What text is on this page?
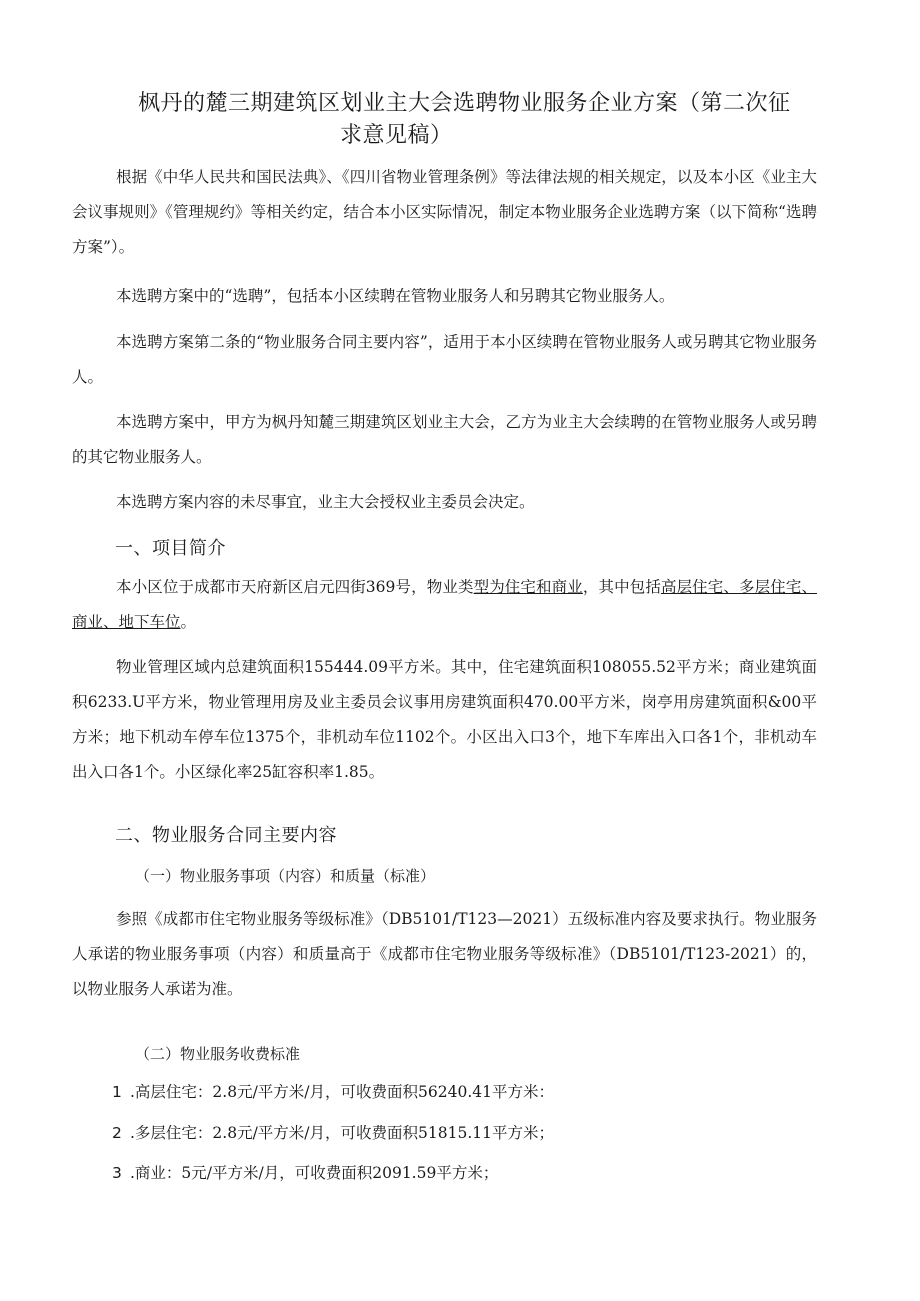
枫丹的麓三期建筑区划业主大会选聘物业服务企业方案（第二次征
求意见稿）
根据《中华人民共和国民法典》、《四川省物业管理条例》等法律法规的相关规定，以及本小区《业主大会议事规则》《管理规约》等相关约定，结合本小区实际情况，制定本物业服务企业选聘方案（以下简称“选聘方案”）。
本选聘方案中的“选聘”，包括本小区续聘在管物业服务人和另聘其它物业服务人。
本选聘方案第二条的“物业服务合同主要内容”，适用于本小区续聘在管物业服务人或另聘其它物业服务人。
本选聘方案中，甲方为枫丹知麓三期建筑区划业主大会，乙方为业主大会续聘的在管物业服务人或另聘的其它物业服务人。
本选聘方案内容的未尽事宜，业主大会授权业主委员会决定。
一、项目简介
本小区位于成都市天府新区启元四街369号，物业类型为住宅和商业，其中包括高层住宅、多层住宅、商业、地下车位。
物业管理区域内总建筑面积155444.09平方米。其中，住宅建筑面积108055.52平方米；商业建筑面积6233.U平方米，物业管理用房及业主委员会议事用房建筑面积470.00平方米，岗亭用房建筑面积&00平方米；地下机动车停车位1375个，非机动车位1102个。小区出入口3个，地下车库出入口各1个，非机动车出入口各1个。小区绿化率25缸容积率1.85。
二、物业服务合同主要内容
（一）物业服务事项（内容）和质量（标准）
参照《成都市住宅物业服务等级标准》（DB5101/T123—2021）五级标准内容及要求执行。物业服务人承诺的物业服务事项（内容）和质量高于《成都市住宅物业服务等级标准》（DB5101/T123-2021）的，以物业服务人承诺为准。
（二）物业服务收费标准
1 .高层住宅：2.8元/平方米/月，可收费面积56240.41平方米：
2 .多层住宅：2.8元/平方米/月，可收费面积51815.11平方米；
3 .商业：5元/平方米/月，可收费面积2091.59平方米；
